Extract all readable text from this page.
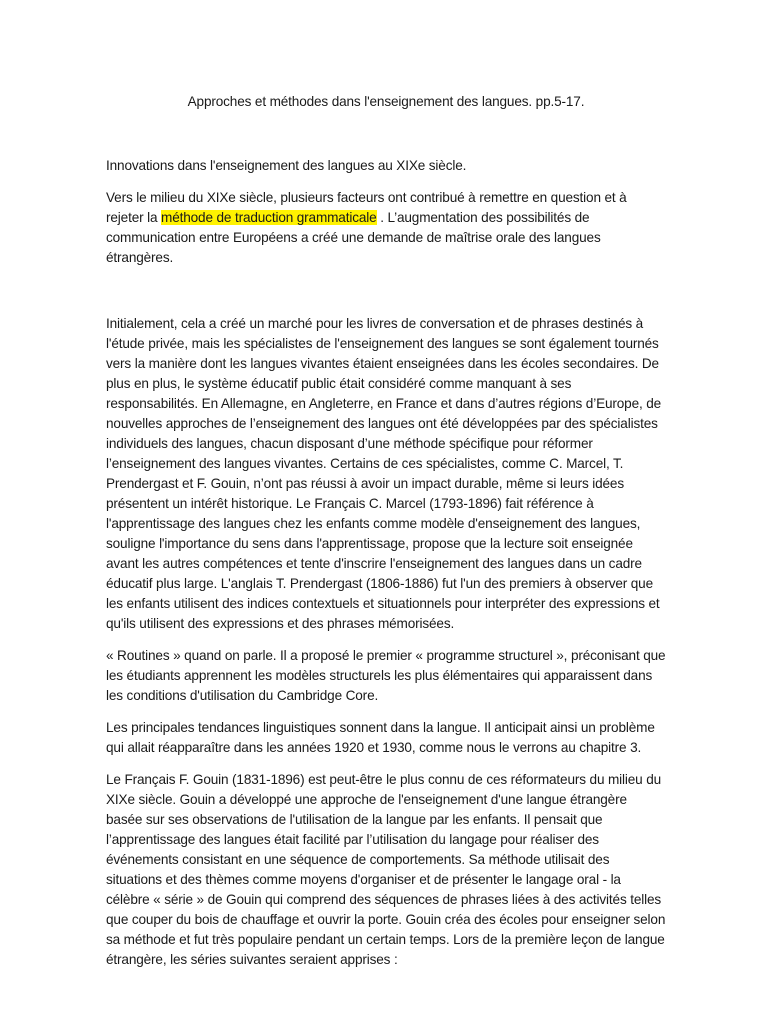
Approches et méthodes dans l'enseignement des langues. pp.5-17.
Innovations dans l'enseignement des langues au XIXe siècle.

Vers le milieu du XIXe siècle, plusieurs facteurs ont contribué à remettre en question et à rejeter la méthode de traduction grammaticale . L’augmentation des possibilités de communication entre Européens a créé une demande de maîtrise orale des langues étrangères.

Initialement, cela a créé un marché pour les livres de conversation et de phrases destinés à l'étude privée, mais les spécialistes de l'enseignement des langues se sont également tournés vers la manière dont les langues vivantes étaient enseignées dans les écoles secondaires. De plus en plus, le système éducatif public était considéré comme manquant à ses responsabilités. En Allemagne, en Angleterre, en France et dans d’autres régions d’Europe, de nouvelles approches de l’enseignement des langues ont été développées par des spécialistes individuels des langues, chacun disposant d’une méthode spécifique pour réformer l’enseignement des langues vivantes. Certains de ces spécialistes, comme C. Marcel, T. Prendergast et F. Gouin, n’ont pas réussi à avoir un impact durable, même si leurs idées présentent un intérêt historique. Le Français C. Marcel (1793-1896) fait référence à l'apprentissage des langues chez les enfants comme modèle d'enseignement des langues, souligne l'importance du sens dans l'apprentissage, propose que la lecture soit enseignée avant les autres compétences et tente d'inscrire l'enseignement des langues dans un cadre éducatif plus large. L'anglais T. Prendergast (1806-1886) fut l'un des premiers à observer que les enfants utilisent des indices contextuels et situationnels pour interpréter des expressions et qu'ils utilisent des expressions et des phrases mémorisées.

« Routines » quand on parle. Il a proposé le premier « programme structurel », préconisant que les étudiants apprennent les modèles structurels les plus élémentaires qui apparaissent dans les conditions d'utilisation du Cambridge Core.

Les principales tendances linguistiques sonnent dans la langue. Il anticipait ainsi un problème qui allait réapparaître dans les années 1920 et 1930, comme nous le verrons au chapitre 3.

Le Français F. Gouin (1831-1896) est peut-être le plus connu de ces réformateurs du milieu du XIXe siècle. Gouin a développé une approche de l'enseignement d'une langue étrangère basée sur ses observations de l'utilisation de la langue par les enfants. Il pensait que l’apprentissage des langues était facilité par l’utilisation du langage pour réaliser des événements consistant en une séquence de comportements. Sa méthode utilisait des situations et des thèmes comme moyens d'organiser et de présenter le langage oral - la célèbre « série » de Gouin qui comprend des séquences de phrases liées à des activités telles que couper du bois de chauffage et ouvrir la porte. Gouin créa des écoles pour enseigner selon sa méthode et fut très populaire pendant un certain temps. Lors de la première leçon de langue étrangère, les séries suivantes seraient apprises :
